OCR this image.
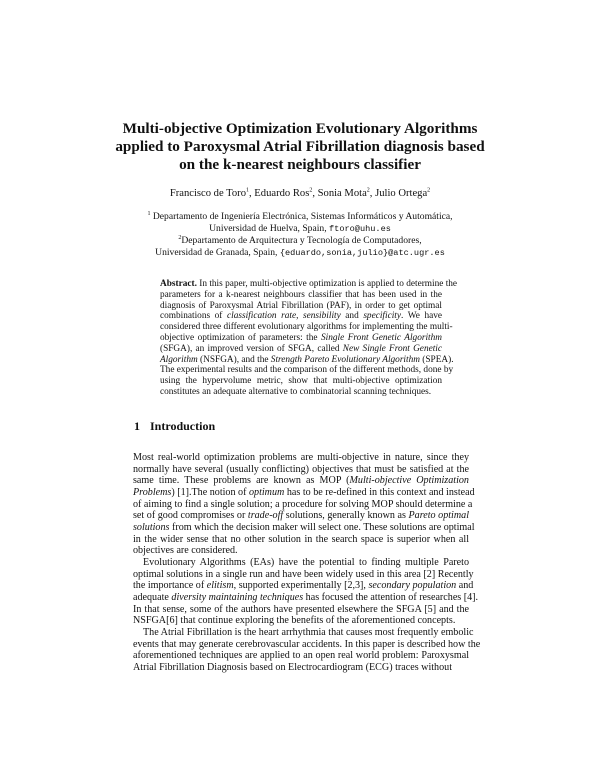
Multi-objective Optimization Evolutionary Algorithms
applied to Paroxysmal Atrial Fibrillation diagnosis based
on the k-nearest neighbours classifier
Francisco de Toro$^1$, Eduardo Ros$^2$, Sonia Mota$^2$, Julio Ortega$^2$
$^1$ Departamento de Ingeniería Electrónica, Sistemas Informáticos y Automática,
Universidad de Huelva, Spain, ftoro@uhu.es
$^2$Departamento de Arquitectura y Tecnología de Computadores,
Universidad de Granada, Spain, {eduardo,sonia,julio}@atc.ugr.es
Abstract. In this paper, multi-objective optimization is applied to determine the
parameters for a k-nearest neighbours classifier that has been used in the
diagnosis of Paroxysmal Atrial Fibrillation (PAF), in order to get optimal
combinations of classification rate, sensibility and specificity. We have
considered three different evolutionary algorithms for implementing the multi-
objective optimization of parameters: the Single Front Genetic Algorithm
(SFGA), an improved version of SFGA, called New Single Front Genetic
Algorithm (NSFGA), and the Strength Pareto Evolutionary Algorithm (SPEA).
The experimental results and the comparison of the different methods, done by
using the hypervolume metric, show that multi-objective optimization
constitutes an adequate alternative to combinatorial scanning techniques.
1 Introduction
Most real-world optimization problems are multi-objective in nature, since they
normally have several (usually conflicting) objectives that must be satisfied at the
same time. These problems are known as MOP (Multi-objective Optimization
Problems) [1].The notion of optimum has to be re-defined in this context and instead
of aiming to find a single solution; a procedure for solving MOP should determine a
set of good compromises or trade-off solutions, generally known as Pareto optimal
solutions from which the decision maker will select one. These solutions are optimal
in the wider sense that no other solution in the search space is superior when all
objectives are considered.
Evolutionary Algorithms (EAs) have the potential to finding multiple Pareto
optimal solutions in a single run and have been widely used in this area [2] Recently
the importance of elitism, supported experimentally [2,3], secondary population and
adequate diversity maintaining techniques has focused the attention of researches [4].
In that sense, some of the authors have presented elsewhere the SFGA [5] and the
NSFGA[6] that continue exploring the benefits of the aforementioned concepts.
The Atrial Fibrillation is the heart arrhythmia that causes most frequently embolic
events that may generate cerebrovascular accidents. In this paper is described how the
aforementioned techniques are applied to an open real world problem: Paroxysmal
Atrial Fibrillation Diagnosis based on Electrocardiogram (ECG) traces without
